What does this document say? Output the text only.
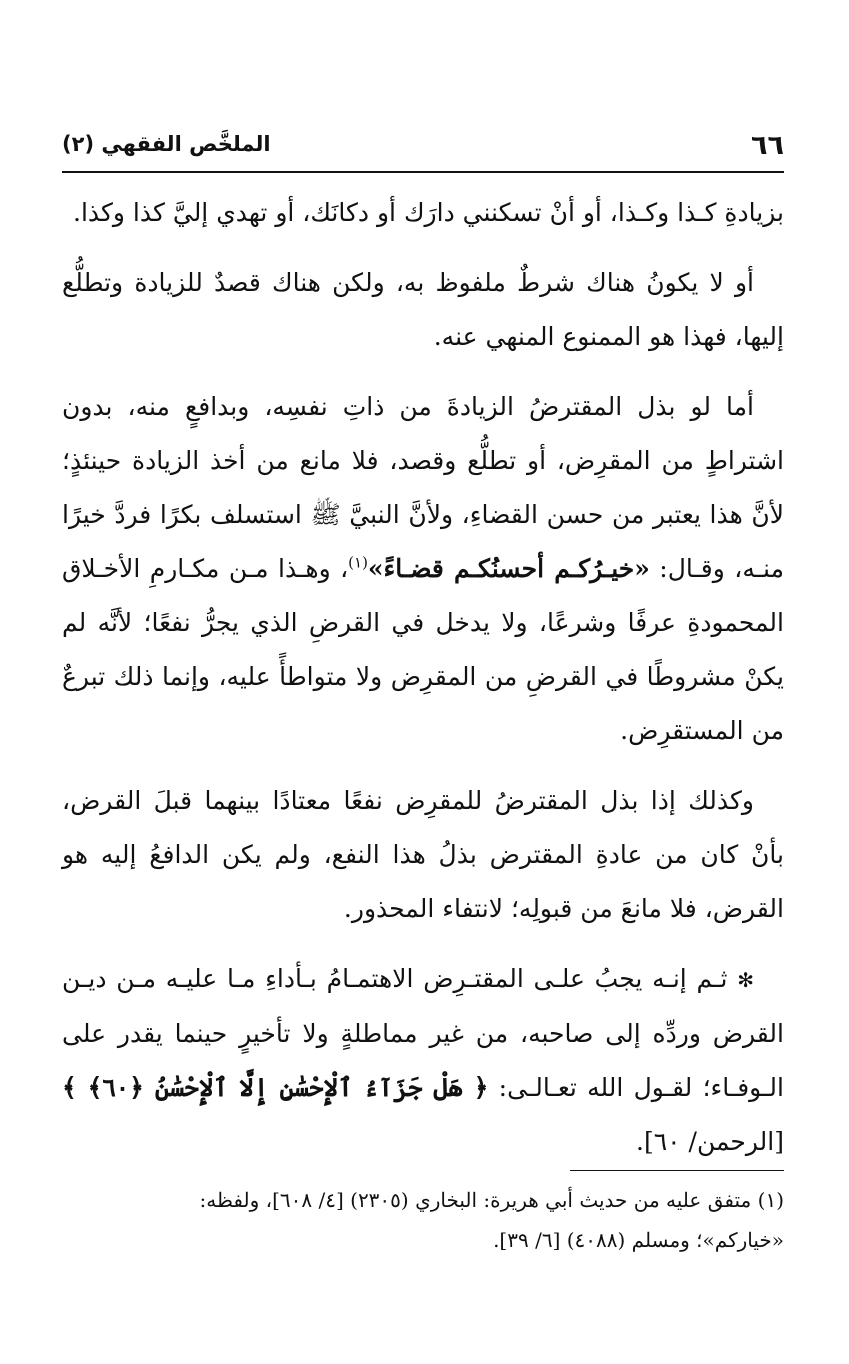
٦٦
الملخَّص الفقهي (٢)

بزيادةِ كـذا وكـذا، أو أنْ تسكنني دارَك أو دكانَك، أو تهدي إليَّ كذا وكذا.

أو لا يكونُ هناك شرطٌ ملفوظ به، ولكن هناك قصدٌ للزيادة وتطلُّع إليها، فهذا هو الممنوع المنهي عنه.

أما لو بذل المقترضُ الزيادةَ من ذاتِ نفسِه، وبدافعٍ منه، بدون اشتراطٍ من المقرِض، أو تطلُّع وقصد، فلا مانع من أخذ الزيادة حينئذٍ؛ لأنَّ هذا يعتبر من حسن القضاءِ، ولأنَّ النبيَّ ﷺ استسلف بكرًا فردَّ خيرًا منـه، وقـال: «خيـرُكـم أحسنُكـم قضـاءً»$^{(١)}$، وهـذا مـن مكـارمِ الأخـلاق المحمودةِ عرفًا وشرعًا، ولا يدخل في القرضِ الذي يجرُّ نفعًا؛ لأنَّه لم يكنْ مشروطًا في القرضِ من المقرِض ولا متواطأً عليه، وإنما ذلك تبرعٌ من المستقرِض.

وكذلك إذا بذل المقترضُ للمقرِض نفعًا معتادًا بينهما قبلَ القرض، بأنْ كان من عادةِ المقترض بذلُ هذا النفع، ولم يكن الدافعُ إليه هو القرض، فلا مانعَ من قبولِه؛ لانتفاء المحذور.

✻ ثـم إنـه يجبُ علـى المقتـرِض الاهتمـامُ بـأداءِ مـا عليـه مـن ديـن القرض وردِّه إلى صاحبه، من غير مماطلةٍ ولا تأخيرٍ حينما يقدر على الـوفـاء؛ لقـول الله تعـالـى: ﴿ هَلْ جَزَآءُ ٱلْإِحْسَٰنِ إِلَّا ٱلْإِحْسَٰنُ ﴿٦٠﴾ ﴾ [الرحمن/ ٦٠].

(١) متفق عليه من حديث أبي هريرة: البخاري (٢٣٠٥) [٤/ ٦٠٨]، ولفظه:

«خياركم»؛ ومسلم (٤٠٨٨) [٦/ ٣٩].
